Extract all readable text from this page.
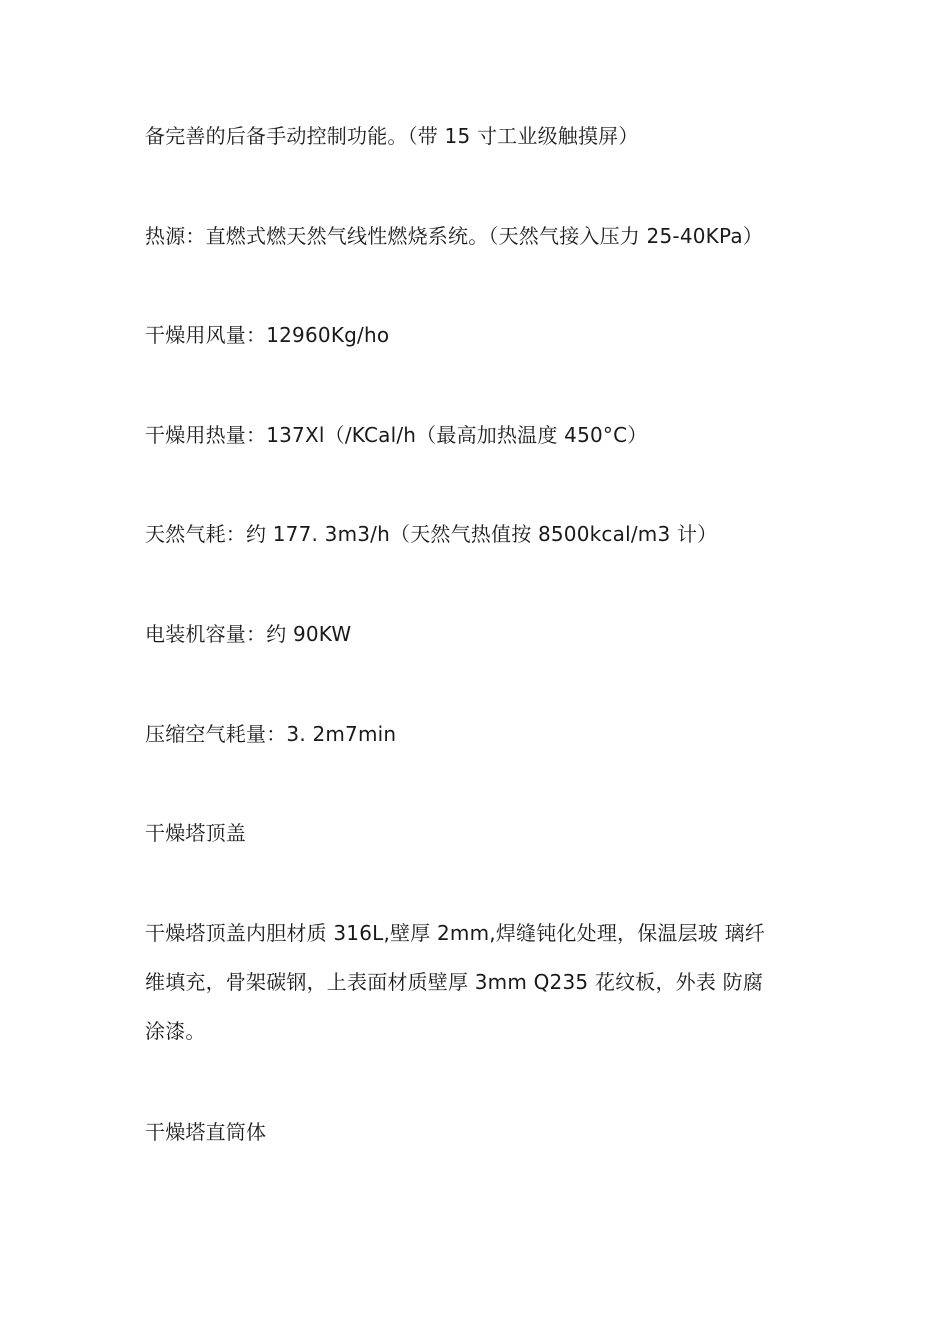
备完善的后备手动控制功能。（带 15 寸工业级触摸屏）
热源：直燃式燃天然气线性燃烧系统。（天然气接入压力 25-40KPa）
干燥用风量：12960Kg/ho
干燥用热量：137Xl（/KCal/h（最高加热温度 450°C）
天然气耗：约 177. 3m3/h（天然气热值按 8500kcal/m3 计）
电装机容量：约 90KW
压缩空气耗量：3. 2m7min
干燥塔顶盖
干燥塔顶盖内胆材质 316L,壁厚 2mm,焊缝钝化处理，保温层玻 璃纤
维填充，骨架碳钢，上表面材质壁厚 3mm Q235 花纹板，外表 防腐
涂漆。
干燥塔直筒体
